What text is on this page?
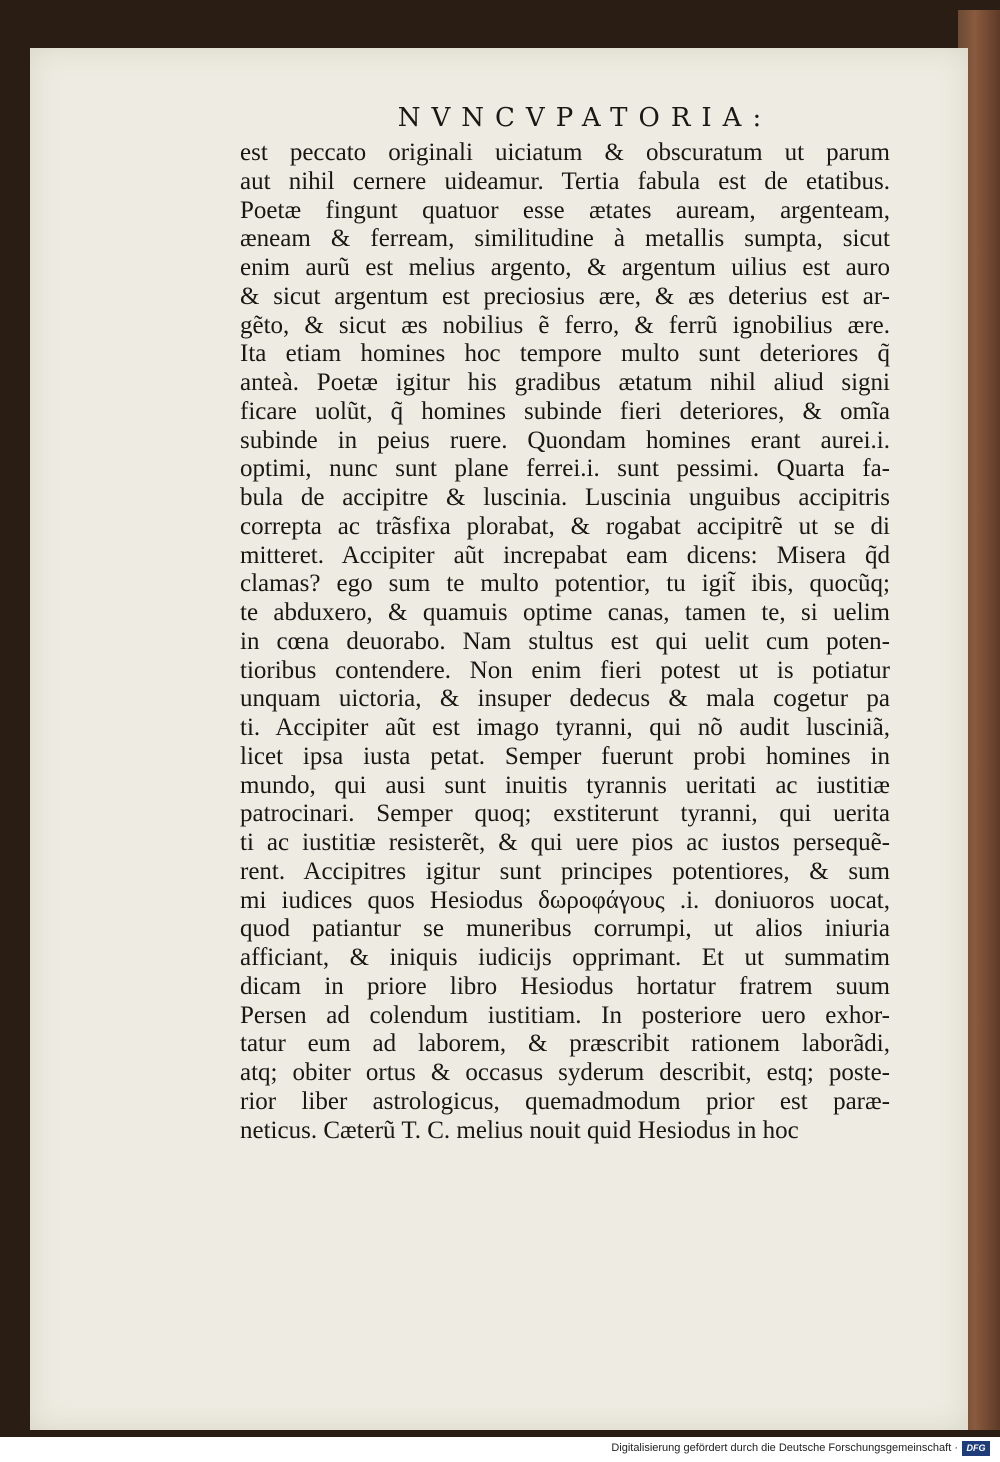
NVNCVPATORIA:

est peccato originali uiciatum & obscuratum ut parum

aut nihil cernere uideamur. Tertia fabula est de etatibus.

Poetæ fingunt quatuor esse ætates auream, argenteam,

æneam & ferream, similitudine à metallis sumpta, sicut

enim aurũ est melius argento, & argentum uilius est auro

& sicut argentum est preciosius ære, & æs deterius est ar-

gẽto, & sicut æs nobilius ẽ ferro, & ferrũ ignobilius ære.

Ita etiam homines hoc tempore multo sunt deteriores q̃

anteà. Poetæ igitur his gradibus ætatum nihil aliud signi

ficare uolũt, q̃ homines subinde fieri deteriores, & omĩa

subinde in peius ruere. Quondam homines erant aurei.i.

optimi, nunc sunt plane ferrei.i. sunt pessimi. Quarta fa-

bula de accipitre & luscinia. Luscinia unguibus accipitris

correpta ac trãsfixa plorabat, & rogabat accipitrẽ ut se di

mitteret. Accipiter aũt increpabat eam dicens: Misera q̃d

clamas? ego sum te multo potentior, tu igit̃ ibis, quocũq;

te abduxero, & quamuis optime canas, tamen te, si uelim

in cœna deuorabo. Nam stultus est qui uelit cum poten-

tioribus contendere. Non enim fieri potest ut is potiatur

unquam uictoria, & insuper dedecus & mala cogetur pa

ti. Accipiter aũt est imago tyranni, qui nõ audit lusciniã,

licet ipsa iusta petat. Semper fuerunt probi homines in

mundo, qui ausi sunt inuitis tyrannis ueritati ac iustitiæ

patrocinari. Semper quoq; exstiterunt tyranni, qui uerita

ti ac iustitiæ resisterẽt, & qui uere pios ac iustos persequẽ-

rent. Accipitres igitur sunt principes potentiores, & sum

mi iudices quos Hesiodus δωροφάγους .i. doniuoros uocat,

quod patiantur se muneribus corrumpi, ut alios iniuria

afficiant, & iniquis iudicijs opprimant. Et ut summatim

dicam in priore libro Hesiodus hortatur fratrem suum

Persen ad colendum iustitiam. In posteriore uero exhor-

tatur eum ad laborem, & præscribit rationem laborãdi,

atq; obiter ortus & occasus syderum describit, estq; poste-

rior liber astrologicus, quemadmodum prior est paræ-

neticus. Cæterũ T. C. melius nouit quid Hesiodus in hoc

Digitalisierung gefördert durch die Deutsche Forschungsgemeinschaft · DFG
